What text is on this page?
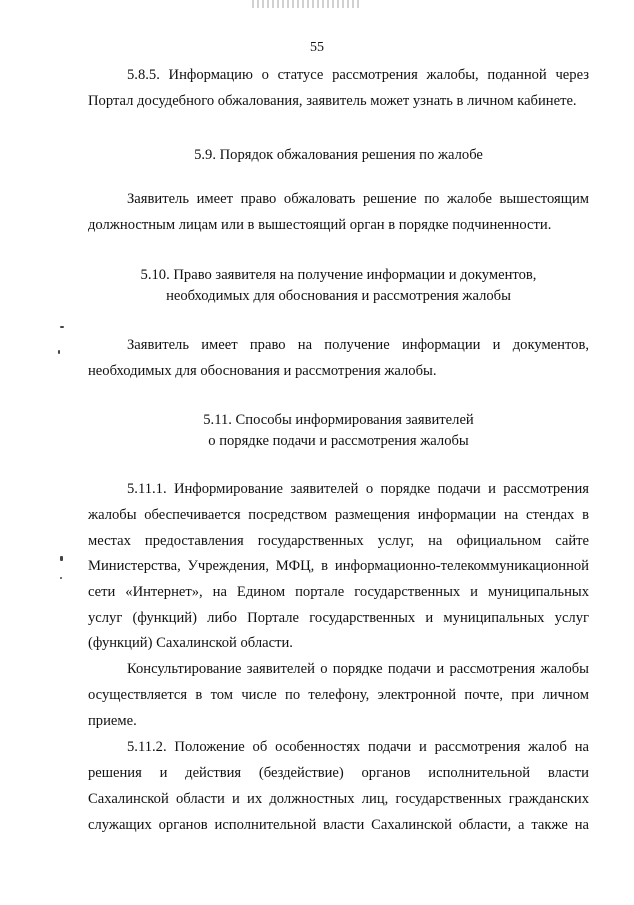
55
5.8.5. Информацию о статусе рассмотрения жалобы, поданной через
Портал досудебного обжалования, заявитель может узнать в личном кабинете.
5.9. Порядок обжалования решения по жалобе
Заявитель имеет право обжаловать решение по жалобе вышестоящим
должностным лицам или в вышестоящий орган в порядке подчиненности.
5.10. Право заявителя на получение информации и документов,
необходимых для обоснования и рассмотрения жалобы
Заявитель имеет право на получение информации и документов,
необходимых для обоснования и рассмотрения жалобы.
5.11. Способы информирования заявителей
о порядке подачи и рассмотрения жалобы
5.11.1. Информирование заявителей о порядке подачи и рассмотрения
жалобы обеспечивается посредством размещения информации на стендах в
местах предоставления государственных услуг, на официальном сайте
Министерства, Учреждения, МФЦ, в информационно-телекоммуникационной
сети «Интернет», на Едином портале государственных и муниципальных
услуг (функций) либо Портале государственных и муниципальных услуг
(функций) Сахалинской области.
Консультирование заявителей о порядке подачи и рассмотрения жалобы
осуществляется в том числе по телефону, электронной почте, при личном
приеме.
5.11.2. Положение об особенностях подачи и рассмотрения жалоб на
решения и действия (бездействие) органов исполнительной власти
Сахалинской области и их должностных лиц, государственных гражданских
служащих органов исполнительной власти Сахалинской области, а также на
